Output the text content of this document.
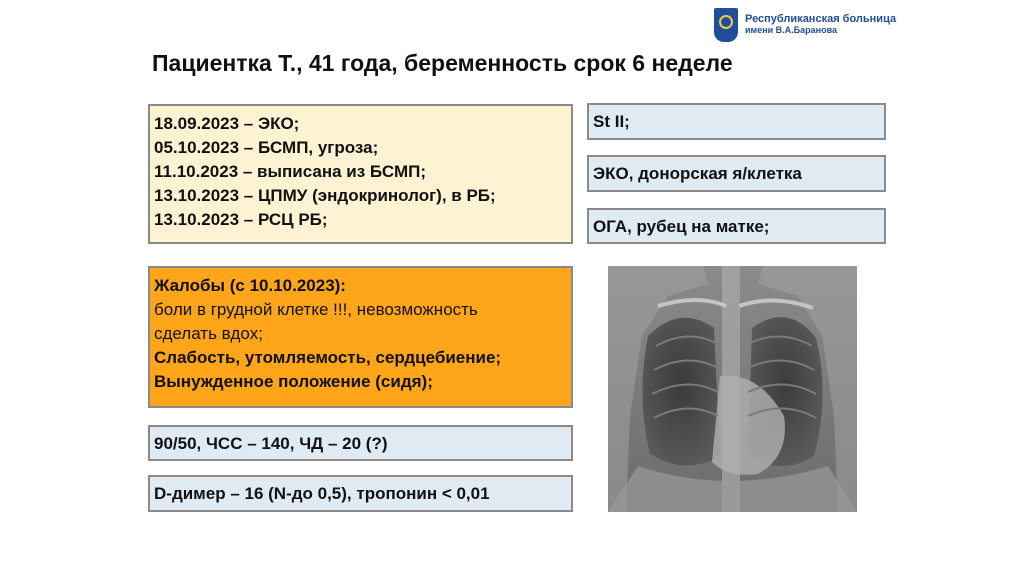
Республиканская больница
имени В.А.Баранова
Пациентка Т., 41 года, беременность срок 6 неделе
18.09.2023 – ЭКО;
05.10.2023 – БСМП, угроза;
11.10.2023 – выписана из БСМП;
13.10.2023 – ЦПМУ (эндокринолог), в РБ;
13.10.2023 – РСЦ РБ;
Жалобы (с 10.10.2023):
боли в грудной клетке !!!, невозможность
сделать вдох;
Слабость, утомляемость, сердцебиение;
Вынужденное положение (сидя);
90/50, ЧСС – 140, ЧД – 20 (?)
D-димер – 16 (N-до 0,5), тропонин < 0,01
St II;
ЭКО, донорская я/клетка
ОГА, рубец на матке;
